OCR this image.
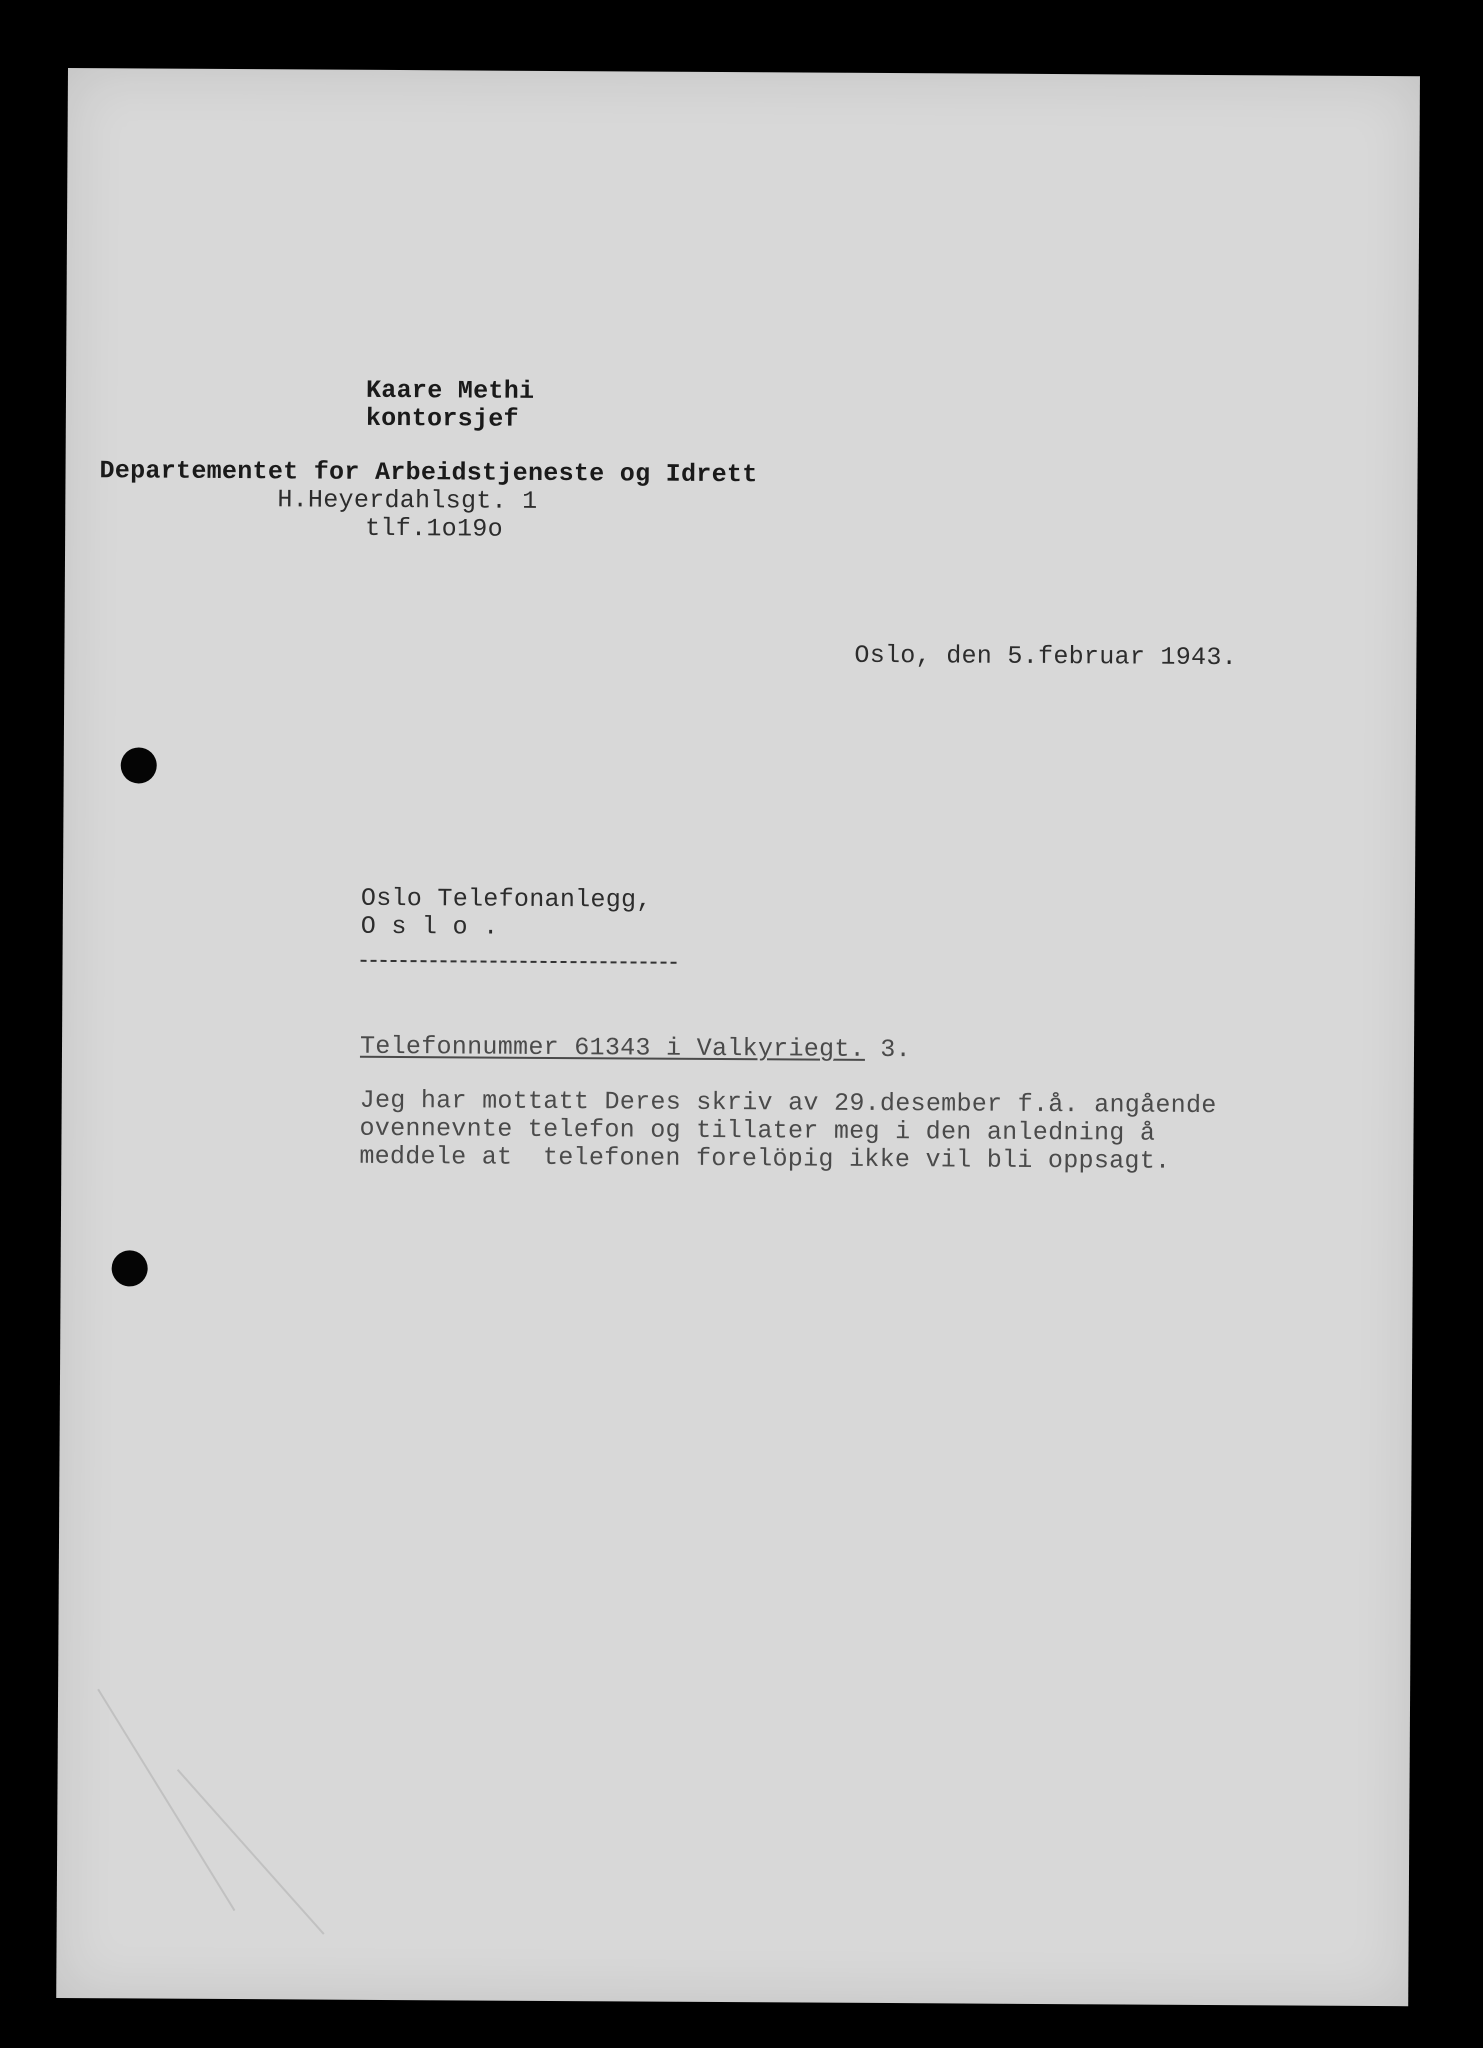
Kaare Methi
kontorsjef
Departementet for Arbeidstjeneste og Idrett
H.Heyerdahlsgt. 1
tlf.1o19o
Oslo, den 5.februar 1943.
Oslo Telefonanlegg,
O s l o .
Telefonnummer 61343 i Valkyriegt. 3.
Jeg har mottatt Deres skriv av 29.desember f.å. angående
ovennevnte telefon og tillater meg i den anledning å
meddele at  telefonen forelöpig ikke vil bli oppsagt.
